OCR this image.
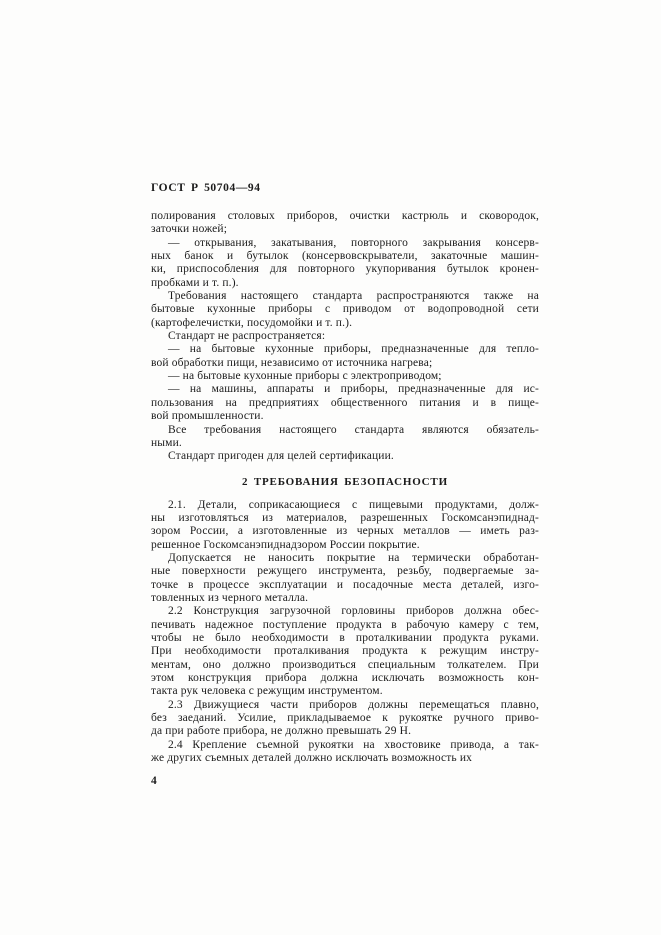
ГОСТ Р 50704—94
полирования столовых приборов, очистки кастрюль и сковородок,
заточки ножей;
— открывания, закатывания, повторного закрывания консерв-
ных банок и бутылок (консервовскрыватели, закаточные машин-
ки, приспособления для повторного укупоривания бутылок кронен-
пробками и т. п.).
Требования настоящего стандарта распространяются также на
бытовые кухонные приборы с приводом от водопроводной сети
(картофелечистки, посудомойки и т. п.).
Стандарт не распространяется:
— на бытовые кухонные приборы, предназначенные для тепло-
вой обработки пищи, независимо от источника нагрева;
— на бытовые кухонные приборы с электроприводом;
— на машины, аппараты и приборы, предназначенные для ис-
пользования на предприятиях общественного питания и в пище-
вой промышленности.
Все требования настоящего стандарта являются обязатель-
ными.
Стандарт пригоден для целей сертификации.
2 ТРЕБОВАНИЯ БЕЗОПАСНОСТИ
2.1. Детали, соприкасающиеся с пищевыми продуктами, долж-
ны изготовляться из материалов, разрешенных Госкомсанэпиднад-
зором России, а изготовленные из черных металлов — иметь раз-
решенное Госкомсанэпиднадзором России покрытие.
Допускается не наносить покрытие на термически обработан-
ные поверхности режущего инструмента, резьбу, подвергаемые за-
точке в процессе эксплуатации и посадочные места деталей, изго-
товленных из черного металла.
2.2 Конструкция загрузочной горловины приборов должна обес-
печивать надежное поступление продукта в рабочую камеру с тем,
чтобы не было необходимости в проталкивании продукта руками.
При необходимости проталкивания продукта к режущим инстру-
ментам, оно должно производиться специальным толкателем. При
этом конструкция прибора должна исключать возможность кон-
такта рук человека с режущим инструментом.
2.3 Движущиеся части приборов должны перемещаться плавно,
без заеданий. Усилие, прикладываемое к рукоятке ручного приво-
да при работе прибора, не должно превышать 29 Н.
2.4 Крепление съемной рукоятки на хвостовике привода, а так-
же других съемных деталей должно исключать возможность их
4
